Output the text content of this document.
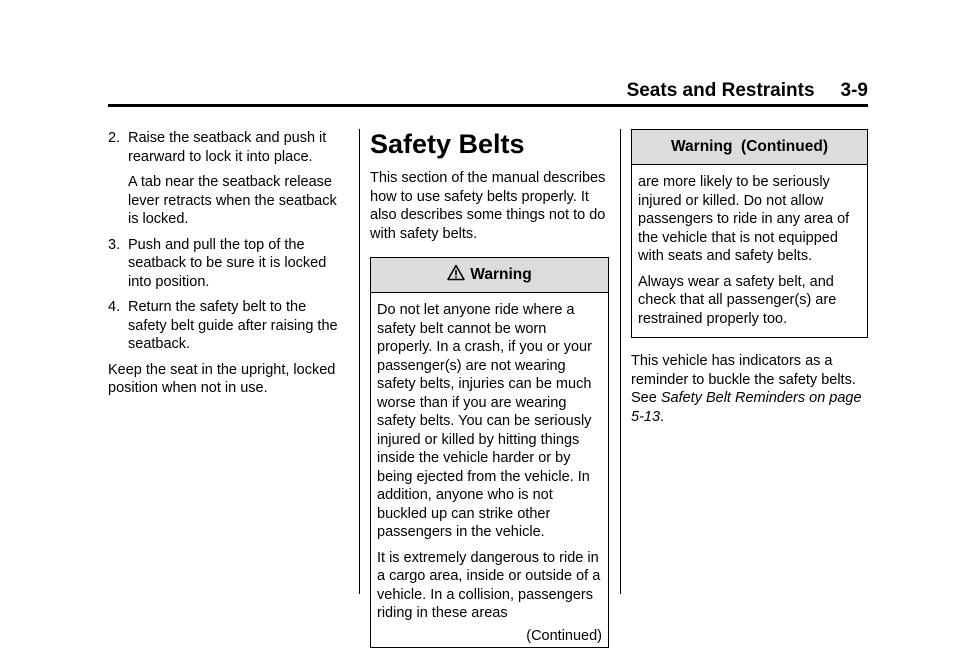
Seats and Restraints 3-9
2. Raise the seatback and push it rearward to lock it into place.

A tab near the seatback release lever retracts when the seatback is locked.

3. Push and pull the top of the seatback to be sure it is locked into position.

4. Return the safety belt to the safety belt guide after raising the seatback.

Keep the seat in the upright, locked position when not in use.

Safety Belts

This section of the manual describes how to use safety belts properly. It also describes some things not to do with safety belts.

Warning

Do not let anyone ride where a safety belt cannot be worn properly. In a crash, if you or your passenger(s) are not wearing safety belts, injuries can be much worse than if you are wearing safety belts. You can be seriously injured or killed by hitting things inside the vehicle harder or by being ejected from the vehicle. In addition, anyone who is not buckled up can strike other passengers in the vehicle.

It is extremely dangerous to ride in a cargo area, inside or outside of a vehicle. In a collision, passengers riding in these areas

(Continued)

Warning  (Continued)

are more likely to be seriously injured or killed. Do not allow passengers to ride in any area of the vehicle that is not equipped with seats and safety belts.

Always wear a safety belt, and check that all passenger(s) are restrained properly too.

This vehicle has indicators as a reminder to buckle the safety belts. See Safety Belt Reminders on page 5-13.
